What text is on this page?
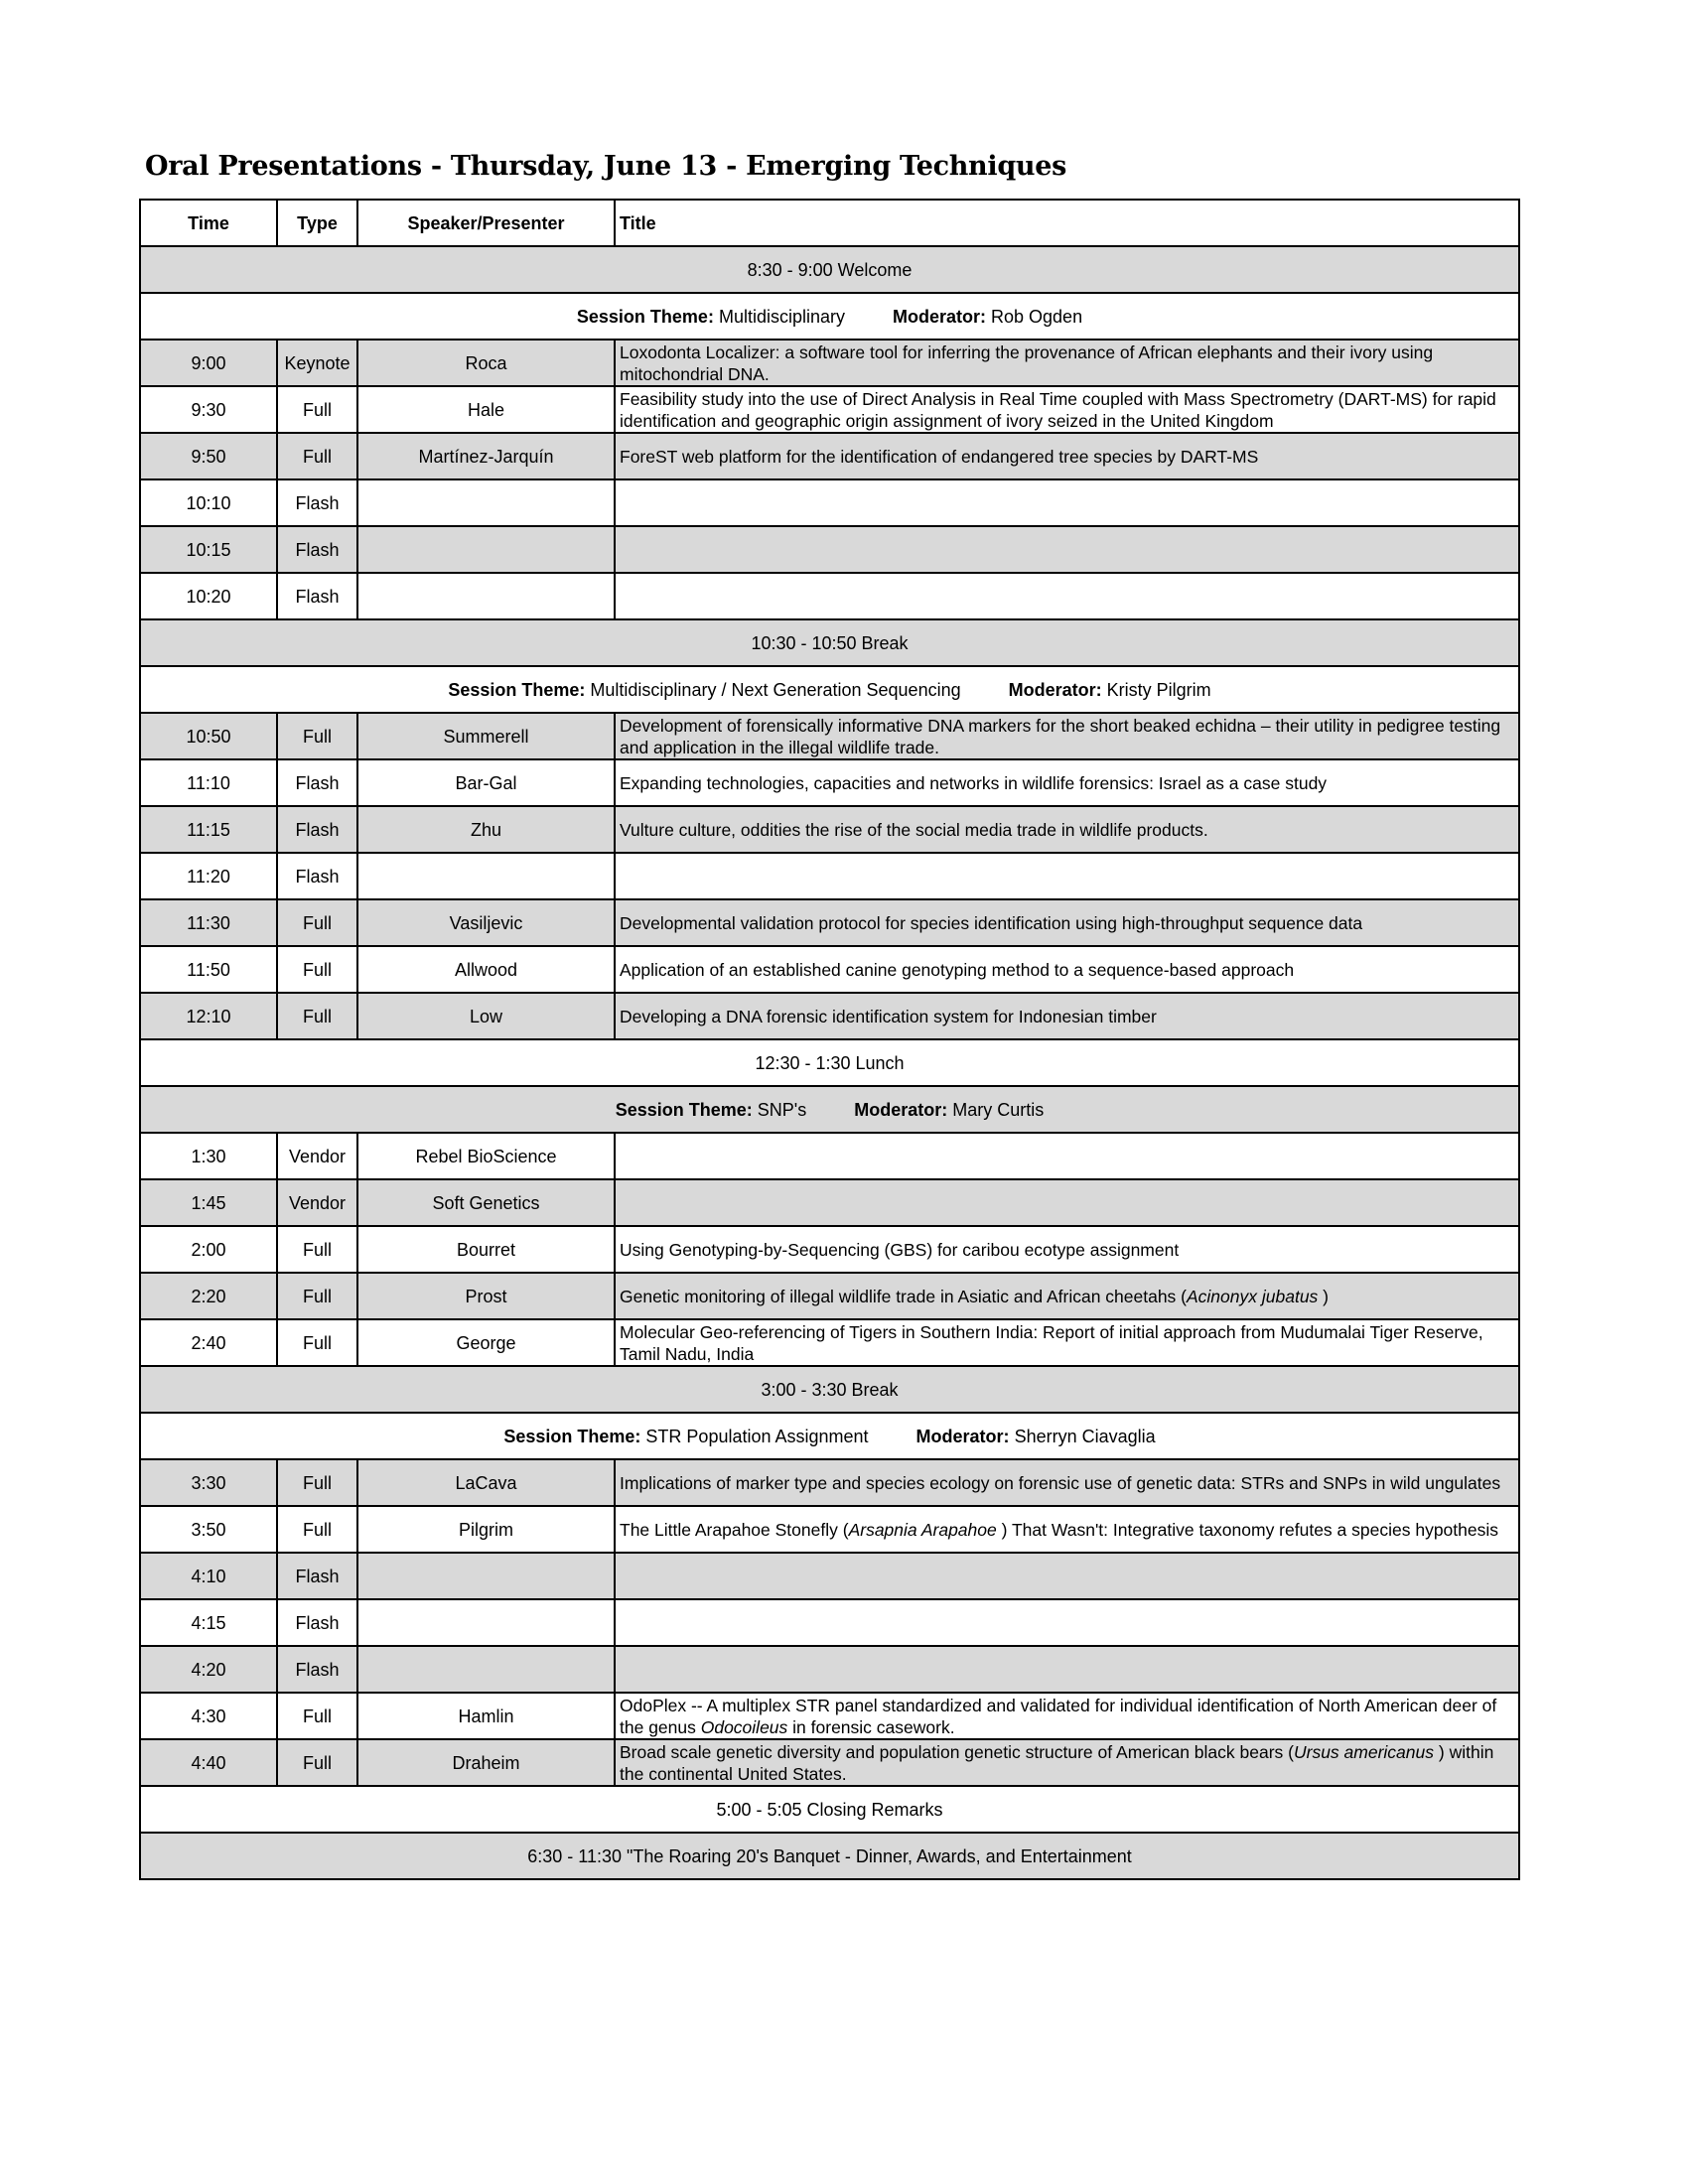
Oral Presentations - Thursday, June 13 - Emerging Techniques
Time	Type	Speaker/Presenter	Title
8:30 - 9:00 Welcome			
Session Theme: Multidisciplinary Moderator: Rob Ogden			
9:00	Keynote	Roca	Loxodonta Localizer: a software tool for inferring the provenance of African elephants and their ivory using mitochondrial DNA.
9:30	Full	Hale	Feasibility study into the use of Direct Analysis in Real Time coupled with Mass Spectrometry (DART-MS) for rapid identification and geographic origin assignment of ivory seized in the United Kingdom
9:50	Full	Martínez-Jarquín	ForeST web platform for the identification of endangered tree species by DART-MS
10:10	Flash		
10:15	Flash		
10:20	Flash		
10:30 - 10:50 Break			
Session Theme: Multidisciplinary / Next Generation Sequencing Moderator: Kristy Pilgrim			
10:50	Full	Summerell	Development of forensically informative DNA markers for the short beaked echidna – their utility in pedigree testing and application in the illegal wildlife trade.
11:10	Flash	Bar-Gal	Expanding technologies, capacities and networks in wildlife forensics: Israel as a case study
11:15	Flash	Zhu	Vulture culture, oddities the rise of the social media trade in wildlife products.
11:20	Flash		
11:30	Full	Vasiljevic	Developmental validation protocol for species identification using high-throughput sequence data
11:50	Full	Allwood	Application of an established canine genotyping method to a sequence-based approach
12:10	Full	Low	Developing a DNA forensic identification system for Indonesian timber
12:30 - 1:30 Lunch			
Session Theme: SNP's Moderator: Mary Curtis			
1:30	Vendor	Rebel BioScience	
1:45	Vendor	Soft Genetics	
2:00	Full	Bourret	Using Genotyping-by-Sequencing (GBS) for caribou ecotype assignment
2:20	Full	Prost	Genetic monitoring of illegal wildlife trade in Asiatic and African cheetahs (Acinonyx jubatus )
2:40	Full	George	Molecular Geo-referencing of Tigers in Southern India: Report of initial approach from Mudumalai Tiger Reserve, Tamil Nadu, India
3:00 - 3:30 Break			
Session Theme: STR Population Assignment Moderator: Sherryn Ciavaglia			
3:30	Full	LaCava	Implications of marker type and species ecology on forensic use of genetic data: STRs and SNPs in wild ungulates
3:50	Full	Pilgrim	The Little Arapahoe Stonefly (Arsapnia Arapahoe ) That Wasn't: Integrative taxonomy refutes a species hypothesis
4:10	Flash		
4:15	Flash		
4:20	Flash		
4:30	Full	Hamlin	OdoPlex -- A multiplex STR panel standardized and validated for individual identification of North American deer of the genus Odocoileus in forensic casework.
4:40	Full	Draheim	Broad scale genetic diversity and population genetic structure of American black bears (Ursus americanus ) within the continental United States.
5:00 - 5:05 Closing Remarks			
6:30 - 11:30 "The Roaring 20's Banquet - Dinner, Awards, and Entertainment			
